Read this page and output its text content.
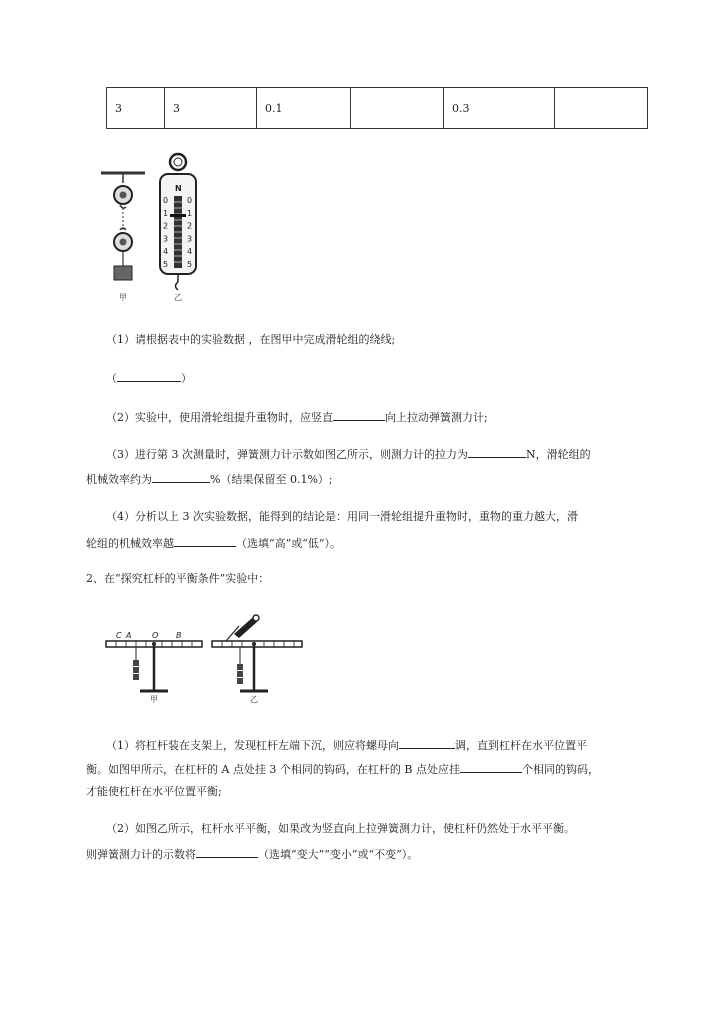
3	3	0.1		0.3	
甲
N
0
1
2
3
4
5
0
1
2
3
4
5
乙
（1）请根据表中的实验数据 ，在图甲中完成滑轮组的绕线;
（	）
（2）实验中，使用滑轮组提升重物时，应竖直	向上拉动弹簧测力计;
（3）进行第 3 次测量时，弹簧测力计示数如图乙所示，则测力计的拉力为	N，滑轮组的
机械效率约为	%（结果保留至 0.1%）;
（4）分析以上 3 次实验数据，能得到的结论是：用同一滑轮组提升重物时，重物的重力越大，滑
轮组的机械效率越	（选填“高”或“低”）。
2、在“探究杠杆的平衡条件”实验中：
C A	O B
甲	乙
（1）将杠杆装在支架上，发现杠杆左端下沉，则应将螺母向	调，直到杠杆在水平位置平
衡。如图甲所示，在杠杆的 A 点处挂 3 个相同的钩码，在杠杆的 B 点处应挂	个相同的钩码，
才能使杠杆在水平位置平衡;
（2）如图乙所示，杠杆水平平衡，如果改为竖直向上拉弹簧测力计，使杠杆仍然处于水平平衡。
则弹簧测力计的示数将	（选填“变大”“变小”或“不变”）。
